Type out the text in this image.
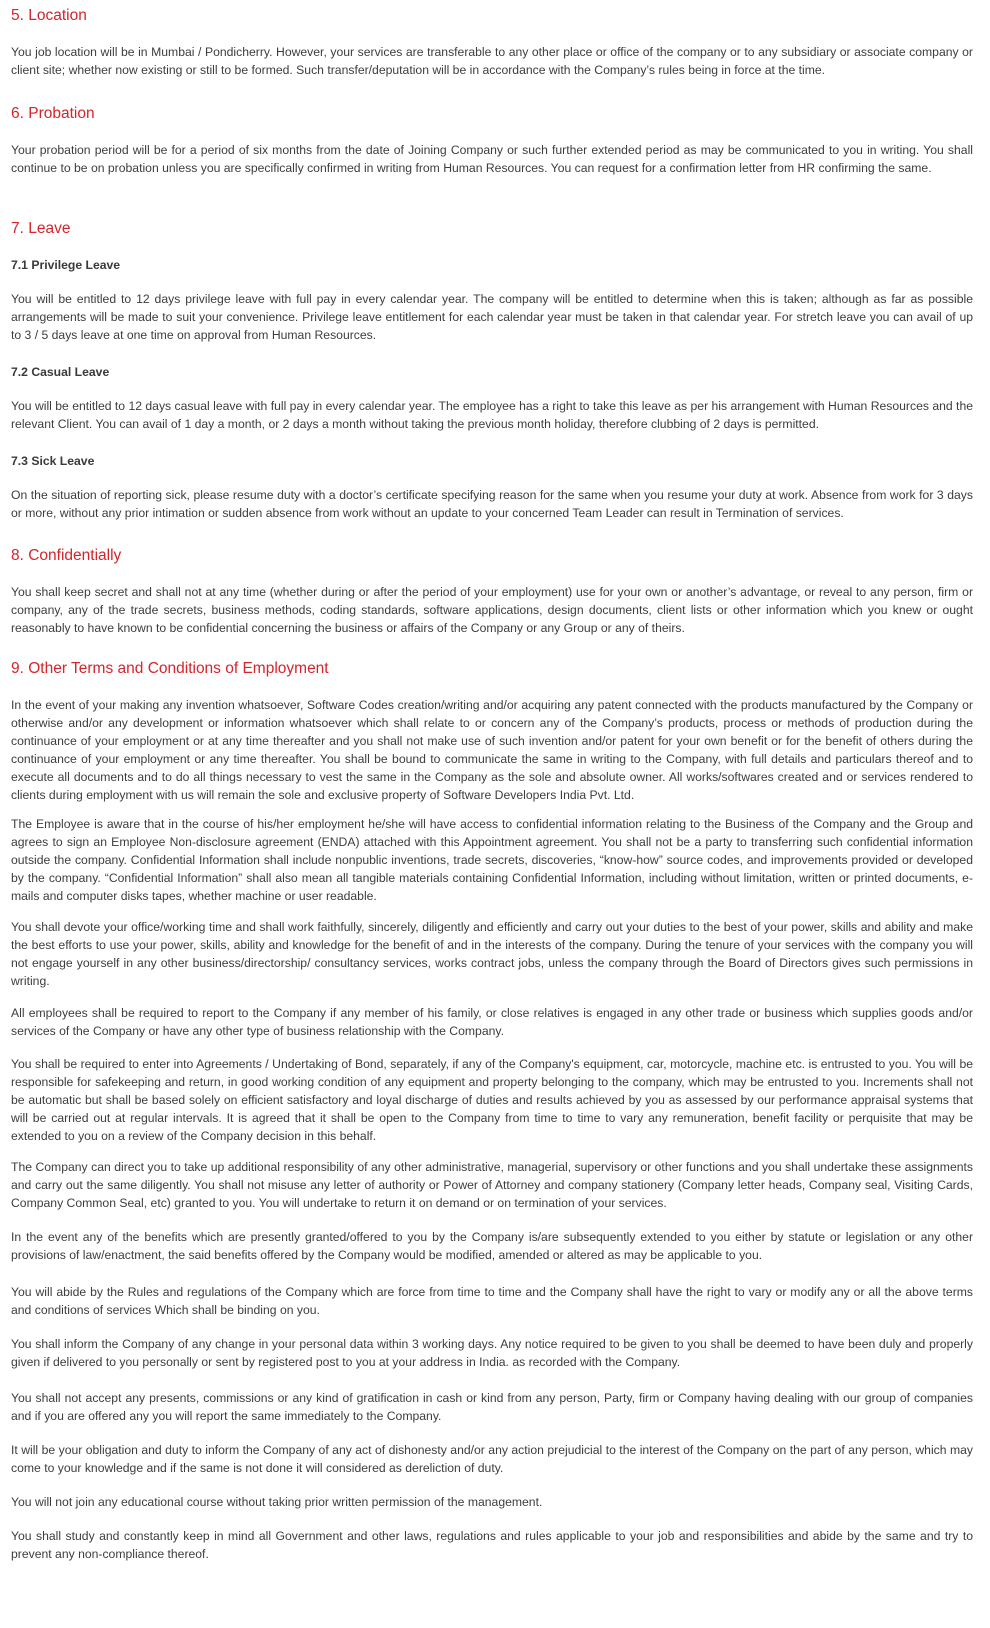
5. Location

You job location will be in Mumbai / Pondicherry. However, your services are transferable to any other place or office of the company or to any subsidiary or associate company or client site; whether now existing or still to be formed. Such transfer/deputation will be in accordance with the Company’s rules being in force at the time.

6. Probation

Your probation period will be for a period of six months from the date of Joining Company or such further extended period as may be communicated to you in writing. You shall continue to be on probation unless you are specifically confirmed in writing from Human Resources. You can request for a confirmation letter from HR confirming the same.

7. Leave
7.1 Privilege Leave

You will be entitled to 12 days privilege leave with full pay in every calendar year. The company will be entitled to determine when this is taken; although as far as possible arrangements will be made to suit your convenience. Privilege leave entitlement for each calendar year must be taken in that calendar year. For stretch leave you can avail of up to 3 / 5 days leave at one time on approval from Human Resources.

7.2 Casual Leave

You will be entitled to 12 days casual leave with full pay in every calendar year. The employee has a right to take this leave as per his arrangement with Human Resources and the relevant Client. You can avail of 1 day a month, or 2 days a month without taking the previous month holiday, therefore clubbing of 2 days is permitted.

7.3 Sick Leave

On the situation of reporting sick, please resume duty with a doctor’s certificate specifying reason for the same when you resume your duty at work. Absence from work for 3 days or more, without any prior intimation or sudden absence from work without an update to your concerned Team Leader can result in Termination of services.

8. Confidentially

You shall keep secret and shall not at any time (whether during or after the period of your employment) use for your own or another’s advantage, or reveal to any person, firm or company, any of the trade secrets, business methods, coding standards, software applications, design documents, client lists or other information which you knew or ought reasonably to have known to be confidential concerning the business or affairs of the Company or any Group or any of theirs.

9. Other Terms and Conditions of Employment

In the event of your making any invention whatsoever, Software Codes creation/writing and/or acquiring any patent connected with the products manufactured by the Company or otherwise and/or any development or information whatsoever which shall relate to or concern any of the Company’s products, process or methods of production during the continuance of your employment or at any time thereafter and you shall not make use of such invention and/or patent for your own benefit or for the benefit of others during the continuance of your employment or any time thereafter. You shall be bound to communicate the same in writing to the Company, with full details and particulars thereof and to execute all documents and to do all things necessary to vest the same in the Company as the sole and absolute owner. All works/softwares created and or services rendered to clients during employment with us will remain the sole and exclusive property of Software Developers India Pvt. Ltd.

The Employee is aware that in the course of his/her employment he/she will have access to confidential information relating to the Business of the Company and the Group and agrees to sign an Employee Non-disclosure agreement (ENDA) attached with this Appointment agreement. You shall not be a party to transferring such confidential information outside the company. Confidential Information shall include nonpublic inventions, trade secrets, discoveries, “know-how” source codes, and improvements provided or developed by the company. “Confidential Information” shall also mean all tangible materials containing Confidential Information, including without limitation, written or printed documents, e-mails and computer disks tapes, whether machine or user readable.

You shall devote your office/working time and shall work faithfully, sincerely, diligently and efficiently and carry out your duties to the best of your power, skills and ability and make the best efforts to use your power, skills, ability and knowledge for the benefit of and in the interests of the company. During the tenure of your services with the company you will not engage yourself in any other business/directorship/ consultancy services, works contract jobs, unless the company through the Board of Directors gives such permissions in writing.

All employees shall be required to report to the Company if any member of his family, or close relatives is engaged in any other trade or business which supplies goods and/or services of the Company or have any other type of business relationship with the Company.

You shall be required to enter into Agreements / Undertaking of Bond, separately, if any of the Company's equipment, car, motorcycle, machine etc. is entrusted to you. You will be responsible for safekeeping and return, in good working condition of any equipment and property belonging to the company, which may be entrusted to you. Increments shall not be automatic but shall be based solely on efficient satisfactory and loyal discharge of duties and results achieved by you as assessed by our performance appraisal systems that will be carried out at regular intervals. It is agreed that it shall be open to the Company from time to time to vary any remuneration, benefit facility or perquisite that may be extended to you on a review of the Company decision in this behalf.

The Company can direct you to take up additional responsibility of any other administrative, managerial, supervisory or other functions and you shall undertake these assignments and carry out the same diligently. You shall not misuse any letter of authority or Power of Attorney and company stationery (Company letter heads, Company seal, Visiting Cards, Company Common Seal, etc) granted to you. You will undertake to return it on demand or on termination of your services.

In the event any of the benefits which are presently granted/offered to you by the Company is/are subsequently extended to you either by statute or legislation or any other provisions of law/enactment, the said benefits offered by the Company would be modified, amended or altered as may be applicable to you.

You will abide by the Rules and regulations of the Company which are force from time to time and the Company shall have the right to vary or modify any or all the above terms and conditions of services Which shall be binding on you.

You shall inform the Company of any change in your personal data within 3 working days. Any notice required to be given to you shall be deemed to have been duly and properly given if delivered to you personally or sent by registered post to you at your address in India. as recorded with the Company.

You shall not accept any presents, commissions or any kind of gratification in cash or kind from any person, Party, firm or Company having dealing with our group of companies and if you are offered any you will report the same immediately to the Company.

It will be your obligation and duty to inform the Company of any act of dishonesty and/or any action prejudicial to the interest of the Company on the part of any person, which may come to your knowledge and if the same is not done it will considered as dereliction of duty.

You will not join any educational course without taking prior written permission of the management.

You shall study and constantly keep in mind all Government and other laws, regulations and rules applicable to your job and responsibilities and abide by the same and try to prevent any non-compliance thereof.
